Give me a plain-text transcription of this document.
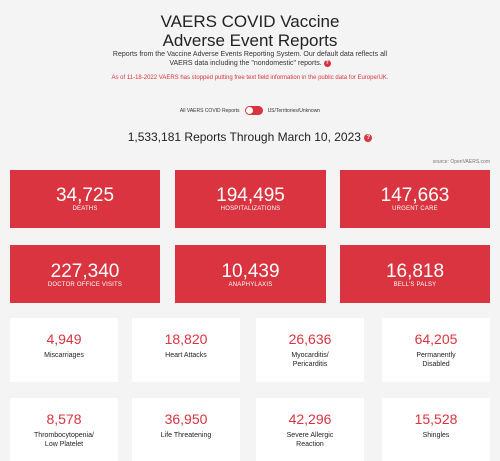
VAERS COVID Vaccine
Adverse Event Reports
Reports from the Vaccine Adverse Events Reporting System. Our default data reflects all VAERS data including the "nondomestic" reports. ?
As of 11-18-2022 VAERS has stopped putting free text field information in the public data for Europe/UK.
All VAERS COVID Reports	US/Territories/Unknown
1,533,181 Reports Through March 10, 2023 ?
source: OpenVAERS.com
34,725
DEATHS
194,495
HOSPITALIZATIONS
147,663
URGENT CARE
227,340
DOCTOR OFFICE VISITS
10,439
ANAPHYLAXIS
16,818
BELL'S PALSY
4,949
Miscarriages
18,820
Heart Attacks
26,636
Myocarditis/
Pericarditis
64,205
Permanently
Disabled
8,578
Thrombocytopenia/
Low Platelet
36,950
Life Threatening
42,296
Severe Allergic
Reaction
15,528
Shingles
